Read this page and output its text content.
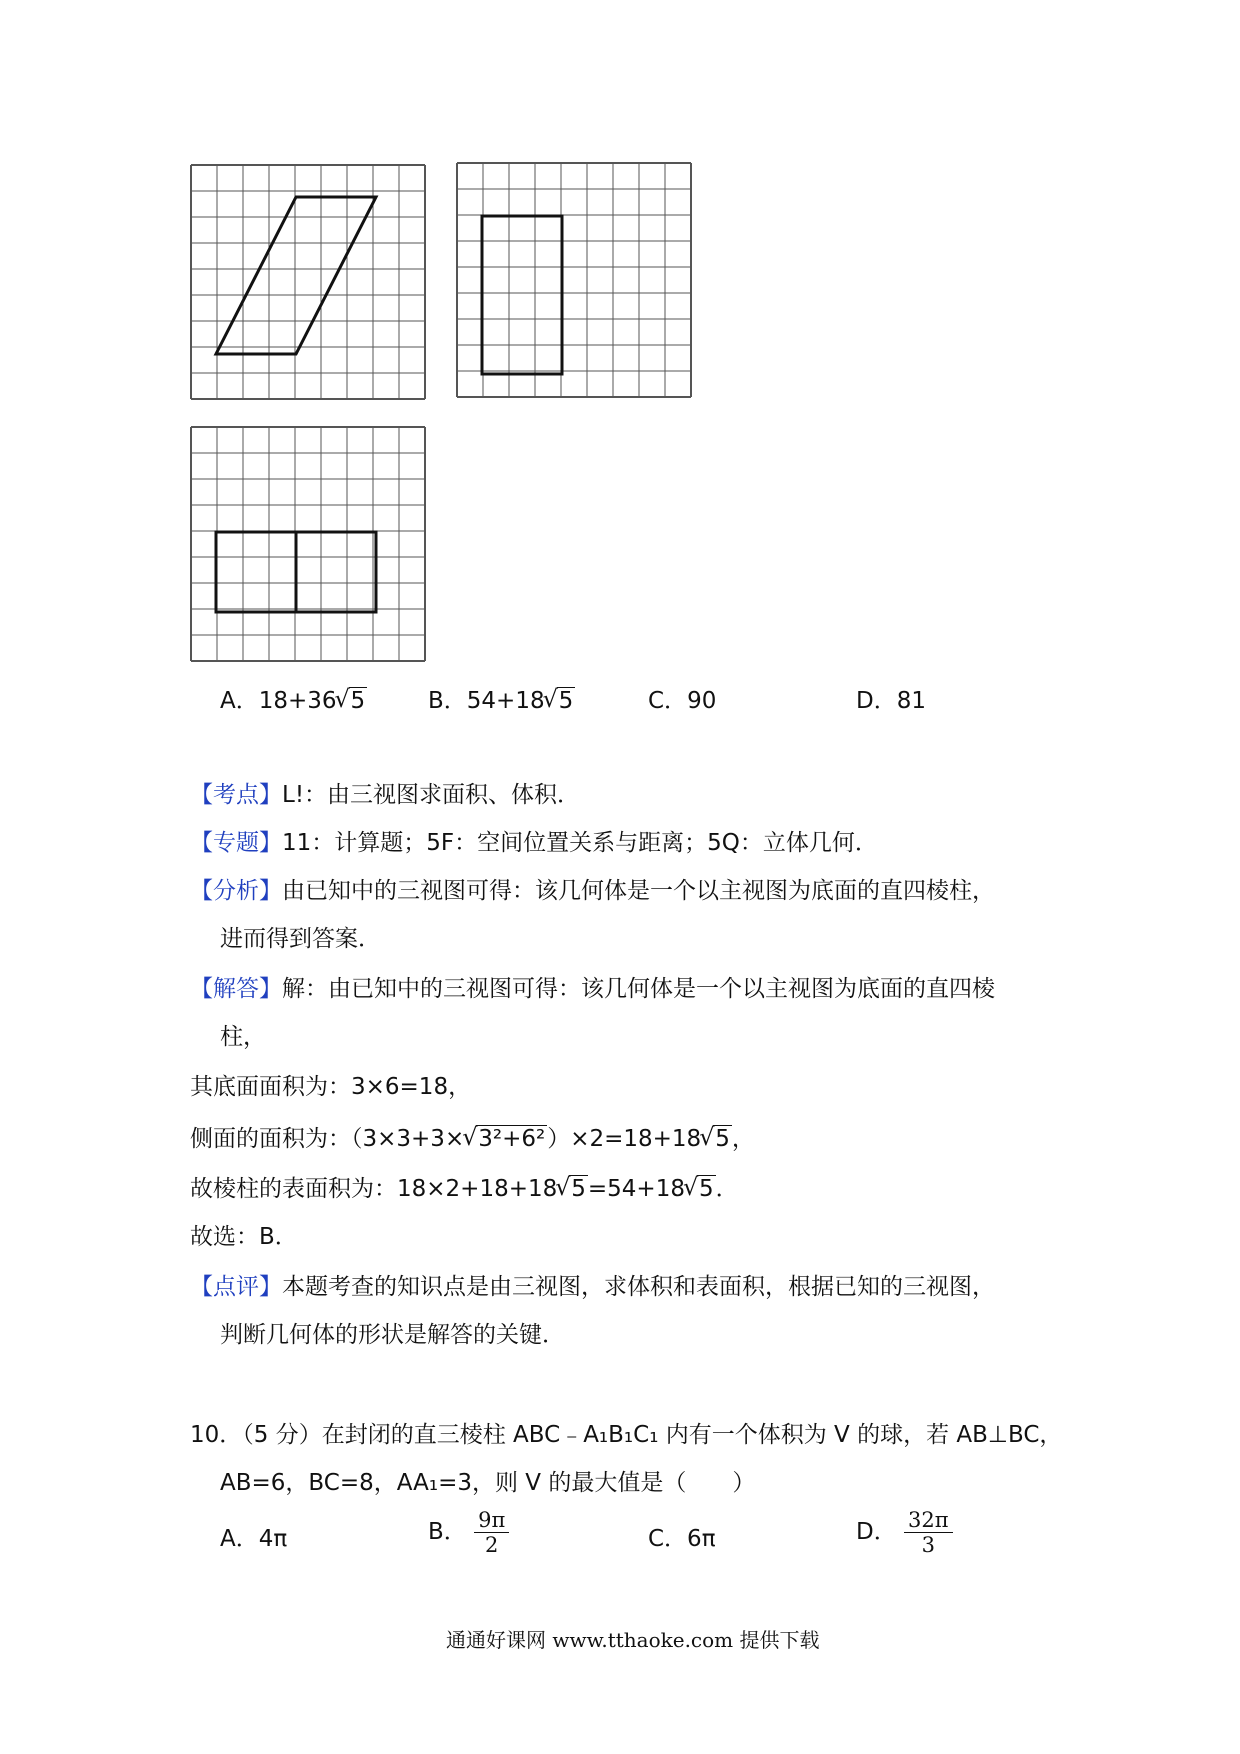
A．18+36 √ 5	B．54+18 √ 5	C．90	D．81
【考点】L!：由三视图求面积、体积．
【专题】11：计算题；5F：空间位置关系与距离；5Q：立体几何．
【分析】由已知中的三视图可得：该几何体是一个以主视图为底面的直四棱柱，
进而得到答案．
【解答】解：由已知中的三视图可得：该几何体是一个以主视图为底面的直四棱
柱，
其底面面积为：3×6=18，
侧面的面积为：（3×3+3× √ 3²+6²）×2=18+18 √ 5，
故棱柱的表面积为：18×2+18+18 √ 5=54+18 √ 5．
故选：B．
【点评】本题考查的知识点是由三视图，求体积和表面积，根据已知的三视图，
判断几何体的形状是解答的关键．
10．（5 分）在封闭的直三棱柱 ABC﹣A₁B₁C₁ 内有一个体积为 V 的球，若 AB⊥BC，
AB=6，BC=8，AA₁=3，则 V 的最大值是（　　）
A．4π	B． $\frac{9\pi}{2}$	C．6π	D． $\frac{32\pi}{3}$
通通好课网 www.tthaoke.com 提供下载
